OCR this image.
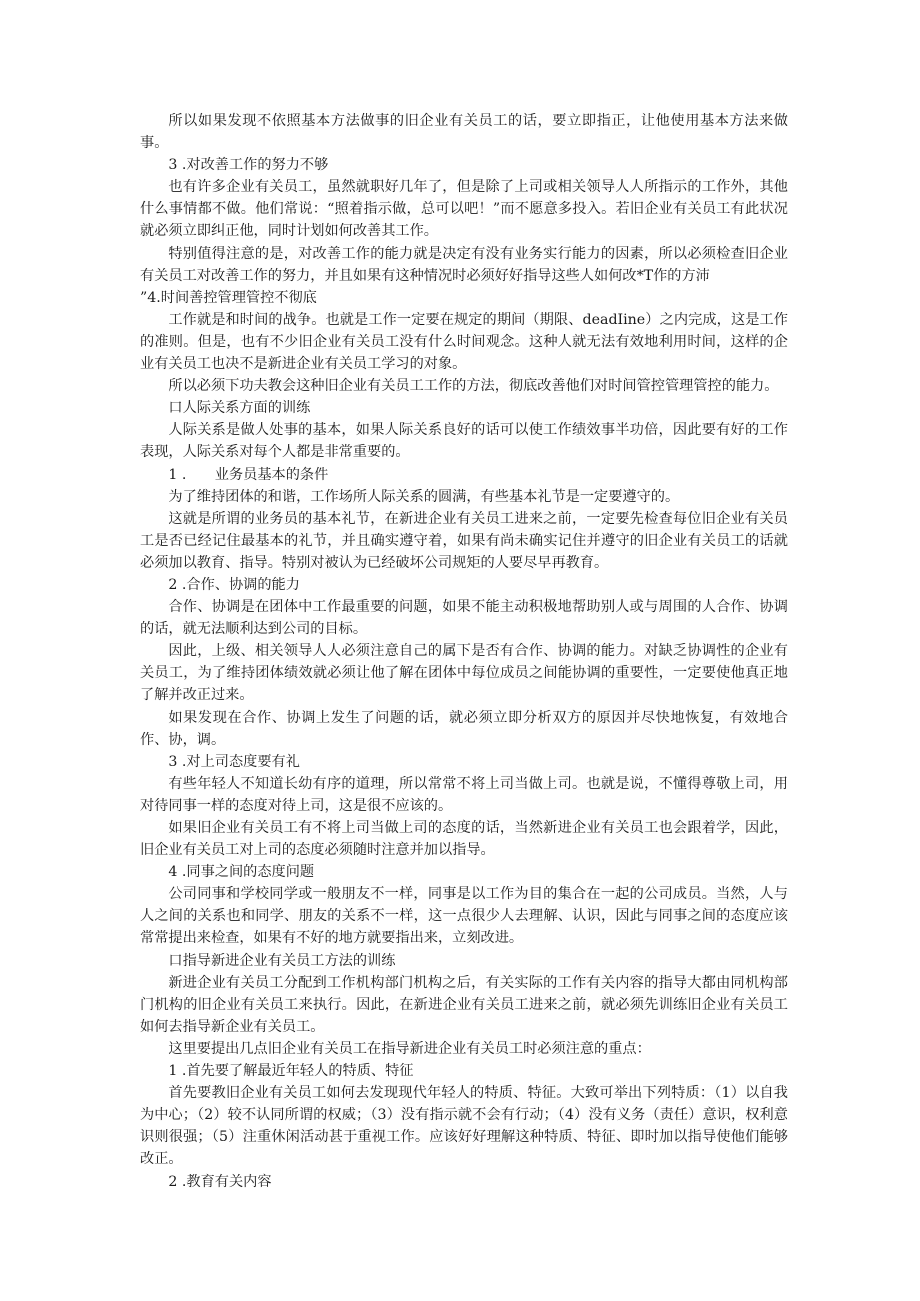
所以如果发现不依照基本方法做事的旧企业有关员工的话，要立即指正，让他使用基本方法来做事。

3 .对改善工作的努力不够

也有许多企业有关员工，虽然就职好几年了，但是除了上司或相关领导人人所指示的工作外，其他什么事情都不做。他们常说：“照着指示做，总可以吧！”而不愿意多投入。若旧企业有关员工有此状况就必须立即纠正他，同时计划如何改善其工作。

特别值得注意的是，对改善工作的能力就是决定有没有业务实行能力的因素，所以必须检查旧企业有关员工对改善工作的努力，并且如果有这种情况时必须好好指导这些人如何改*T作的方沛

”4.时间善控管理管控不彻底

工作就是和时间的战争。也就是工作一定要在规定的期间（期限、deadIine）之内完成，这是工作的准则。但是，也有不少旧企业有关员工没有什么时间观念。这种人就无法有效地利用时间，这样的企业有关员工也决不是新进企业有关员工学习的对象。

所以必须下功夫教会这种旧企业有关员工工作的方法，彻底改善他们对时间管控管理管控的能力。

口人际关系方面的训练

人际关系是做人处事的基本，如果人际关系良好的话可以使工作绩效事半功倍，因此要有好的工作表现，人际关系对每个人都是非常重要的。

1 .　　业务员基本的条件

为了维持团体的和谐，工作场所人际关系的圆满，有些基本礼节是一定要遵守的。

这就是所谓的业务员的基本礼节，在新进企业有关员工进来之前，一定要先检查每位旧企业有关员工是否已经记住最基本的礼节，并且确实遵守着，如果有尚未确实记住并遵守的旧企业有关员工的话就必须加以教育、指导。特别对被认为已经破坏公司规矩的人要尽早再教育。

2 .合作、协调的能力

合作、协调是在团体中工作最重要的问题，如果不能主动积极地帮助别人或与周围的人合作、协调的话，就无法顺利达到公司的目标。

因此，上级、相关领导人人必须注意自己的属下是否有合作、协调的能力。对缺乏协调性的企业有关员工，为了维持团体绩效就必须让他了解在团体中每位成员之间能协调的重要性，一定要使他真正地了解并改正过来。

如果发现在合作、协调上发生了问题的话，就必须立即分析双方的原因并尽快地恢复，有效地合作、协，调。

3 .对上司态度要有礼

有些年轻人不知道长幼有序的道理，所以常常不将上司当做上司。也就是说，不懂得尊敬上司，用对待同事一样的态度对待上司，这是很不应该的。

如果旧企业有关员工有不将上司当做上司的态度的话，当然新进企业有关员工也会跟着学，因此，旧企业有关员工对上司的态度必须随时注意并加以指导。

4 .同事之间的态度问题

公司同事和学校同学或一般朋友不一样，同事是以工作为目的集合在一起的公司成员。当然，人与人之间的关系也和同学、朋友的关系不一样，这一点很少人去理解、认识，因此与同事之间的态度应该常常提出来检查，如果有不好的地方就要指出来，立刻改进。

口指导新进企业有关员工方法的训练

新进企业有关员工分配到工作机构部门机构之后，有关实际的工作有关内容的指导大都由同机构部门机构的旧企业有关员工来执行。因此，在新进企业有关员工进来之前，就必须先训练旧企业有关员工如何去指导新企业有关员工。

这里要提出几点旧企业有关员工在指导新进企业有关员工时必须注意的重点：

1 .首先要了解最近年轻人的特质、特征

首先要教旧企业有关员工如何去发现现代年轻人的特质、特征。大致可举出下列特质：（1）以自我为中心；（2）较不认同所谓的权威；（3）没有指示就不会有行动；（4）没有义务（责任）意识，权利意识则很强；（5）注重休闲活动甚于重视工作。应该好好理解这种特质、特征、即时加以指导使他们能够改正。

2 .教育有关内容
